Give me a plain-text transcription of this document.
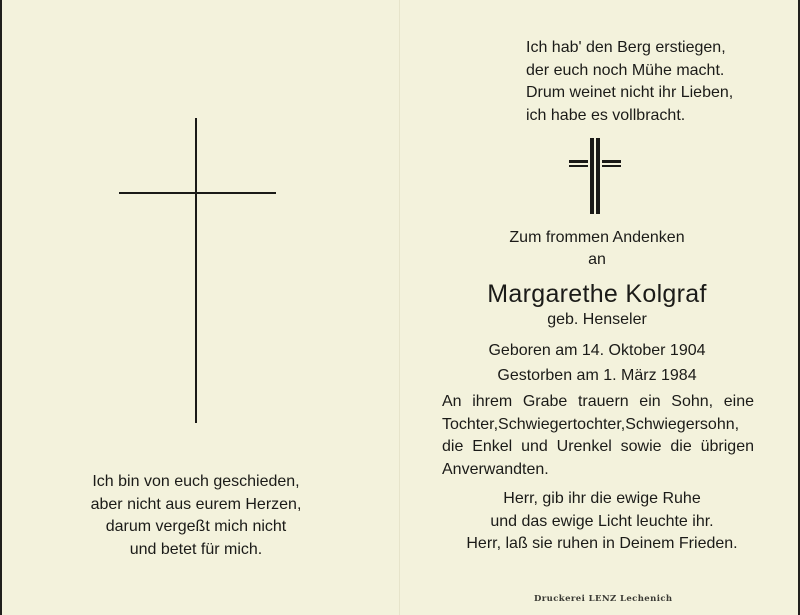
Ich bin von euch geschieden,
aber nicht aus eurem Herzen,
darum vergeßt mich nicht
und betet für mich.
Ich hab' den Berg erstiegen,
der euch noch Mühe macht.
Drum weinet nicht ihr Lieben,
ich habe es vollbracht.
Zum frommen Andenken
an
Margarethe Kolgraf
geb. Henseler
Geboren am 14. Oktober 1904
Gestorben am 1. März 1984
An ihrem Grabe trauern ein Sohn, eine
Tochter,Schwiegertochter,Schwiegersohn,
die Enkel und Urenkel sowie die übrigen
Anverwandten.
Herr, gib ihr die ewige Ruhe
und das ewige Licht leuchte ihr.
Herr, laß sie ruhen in Deinem Frieden.
Druckerei LENZ Lechenich
